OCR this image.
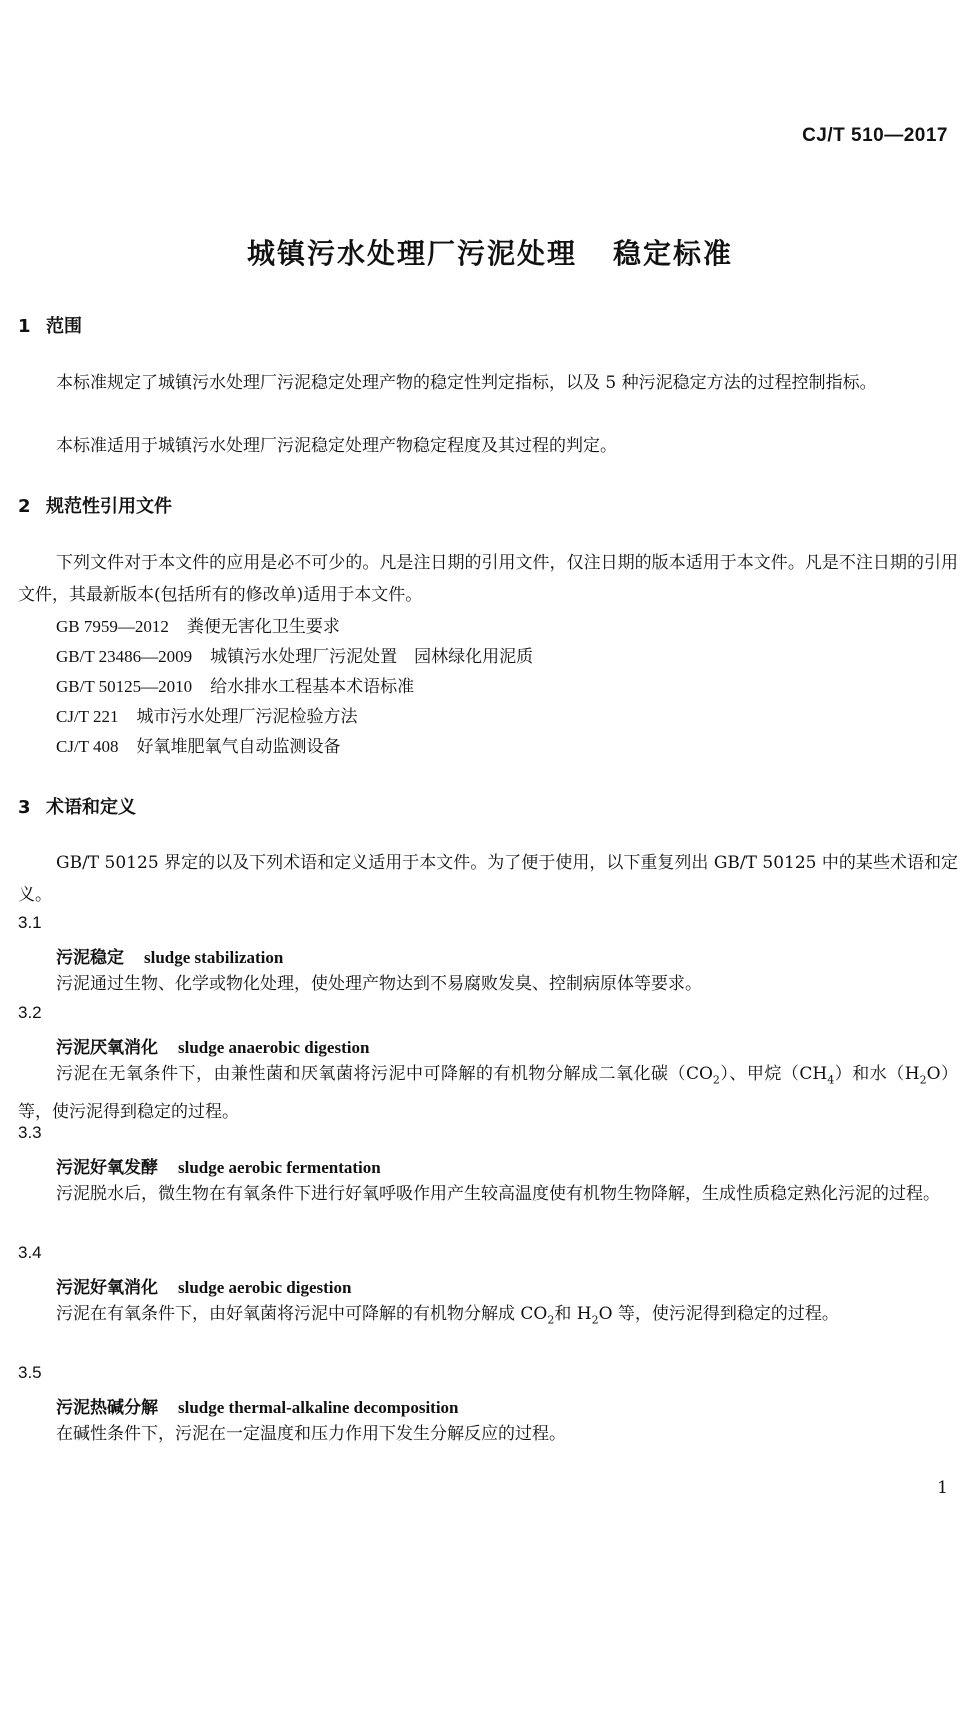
CJ/T 510—2017
城镇污水处理厂污泥处理 稳定标准
1 范围
本标准规定了城镇污水处理厂污泥稳定处理产物的稳定性判定指标，以及 5 种污泥稳定方法的过程控制指标。
本标准适用于城镇污水处理厂污泥稳定处理产物稳定程度及其过程的判定。
2 规范性引用文件
下列文件对于本文件的应用是必不可少的。凡是注日期的引用文件，仅注日期的版本适用于本文件。凡是不注日期的引用文件，其最新版本(包括所有的修改单)适用于本文件。
GB 7959—2012 粪便无害化卫生要求
GB/T 23486—2009 城镇污水处理厂污泥处置　园林绿化用泥质
GB/T 50125—2010 给水排水工程基本术语标准
CJ/T 221 城市污水处理厂污泥检验方法
CJ/T 408 好氧堆肥氧气自动监测设备
3 术语和定义
GB/T 50125 界定的以及下列术语和定义适用于本文件。为了便于使用，以下重复列出 GB/T 50125 中的某些术语和定义。
3.1
污泥稳定 sludge stabilization
污泥通过生物、化学或物化处理，使处理产物达到不易腐败发臭、控制病原体等要求。
3.2
污泥厌氧消化 sludge anaerobic digestion
污泥在无氧条件下，由兼性菌和厌氧菌将污泥中可降解的有机物分解成二氧化碳$(CO_2)$、甲烷$(CH_4)$和水$(H_2O)$等，使污泥得到稳定的过程。
3.3
污泥好氧发酵 sludge aerobic fermentation
污泥脱水后，微生物在有氧条件下进行好氧呼吸作用产生较高温度使有机物生物降解，生成性质稳定熟化污泥的过程。
3.4
污泥好氧消化 sludge aerobic digestion
污泥在有氧条件下，由好氧菌将污泥中可降解的有机物分解成 $CO_2$和 $H_2O$ 等，使污泥得到稳定的过程。
3.5
污泥热碱分解 sludge thermal-alkaline decomposition
在碱性条件下，污泥在一定温度和压力作用下发生分解反应的过程。
1
